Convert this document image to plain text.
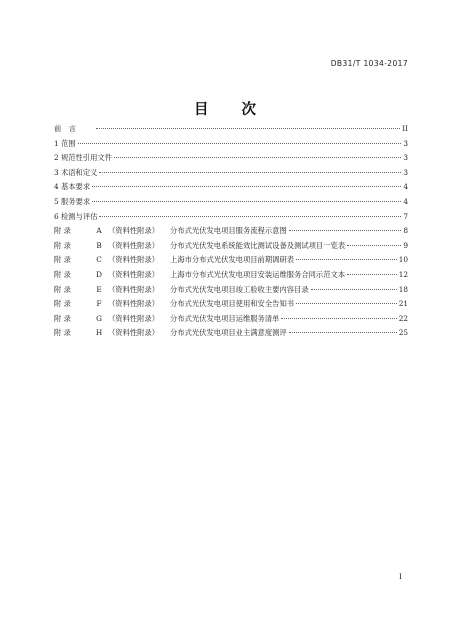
DB31/T 1034-2017
目 次
前　言	II
1 范围	3
2 规范性引用文件	3
3 术语和定义	3
4 基本要求	4
5 服务要求	4
6 检测与评估	7
附 录	A （资料性附录） 分布式光伏发电项目服务流程示意图	8
附 录	B （资料性附录） 分布式光伏发电系统能效比测试设备及测试项目一览表	9
附 录	C （资料性附录） 上海市分布式光伏发电项目前期调研表	10
附 录	D （资料性附录） 上海市分布式光伏发电项目安装运维服务合同示范文本	12
附 录	E （资料性附录） 分布式光伏发电项目竣工验收主要内容目录	18
附 录	F （资料性附录） 分布式光伏发电项目使用和安全告知书	21
附 录	G （资料性附录） 分布式光伏发电项目运维服务清单	22
附 录	H （资料性附录） 分布式光伏发电项目业主满意度测评	25
I
